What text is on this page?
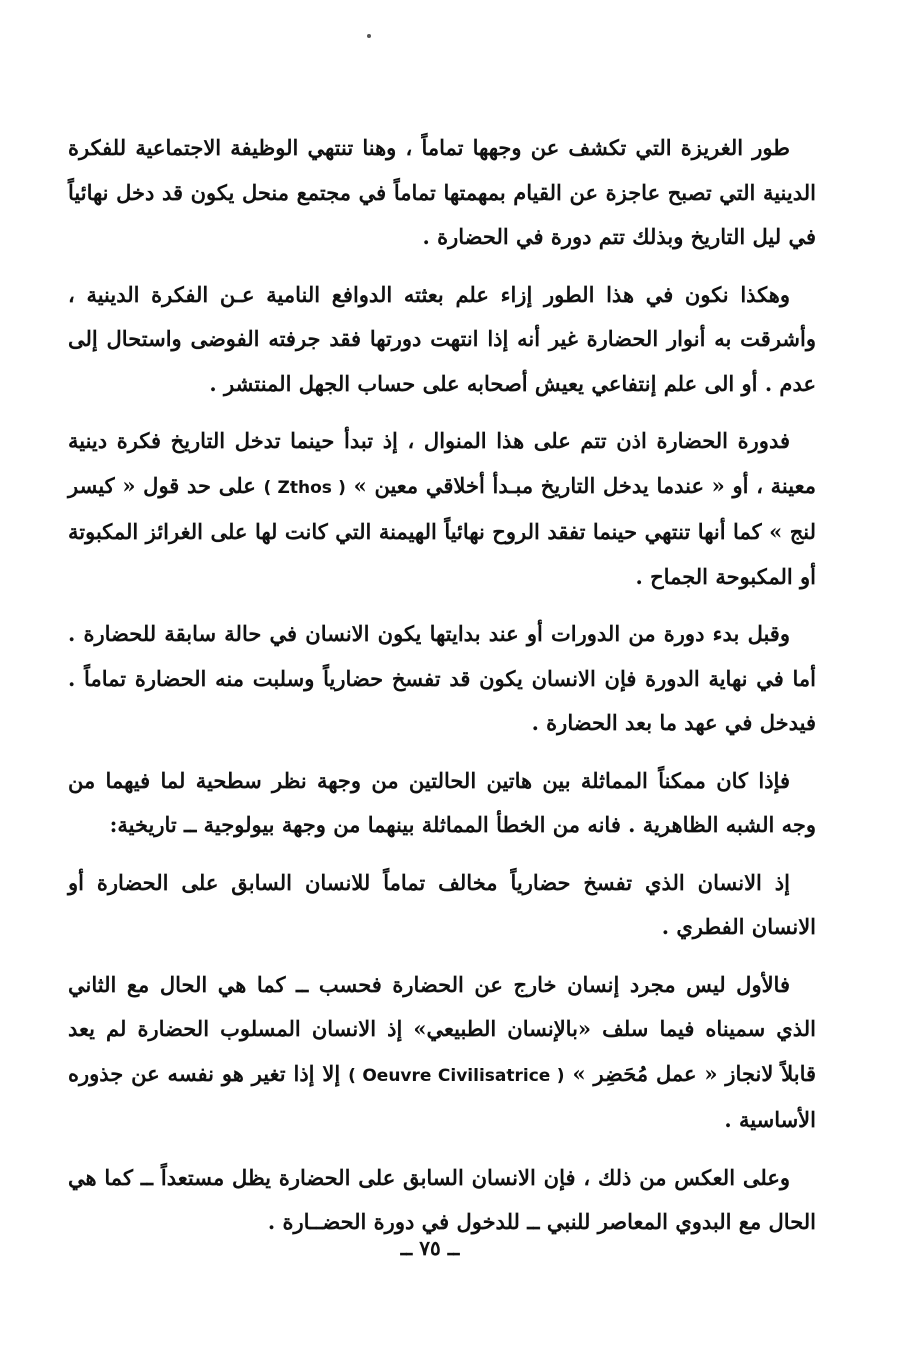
طور الغريزة التي تكشف عن وجهها تماماً ، وهنا تنتهي الوظيفة الاجتماعية للفكرة الدينية التي تصبح عاجزة عن القيام بمهمتها تماماً في مجتمع منحل يكون قد دخل نهائياً في ليل التاريخ وبذلك تتم دورة في الحضارة .

وهكذا نكون في هذا الطور إزاء علم بعثته الدوافع النامية عـن الفكرة الدينية ، وأشرقت به أنوار الحضارة غير أنه إذا انتهت دورتها فقد جرفته الفوضى واستحال إلى عدم . أو الى علم إنتفاعي يعيش أصحابه على حساب الجهل المنتشر .

فدورة الحضارة اذن تتم على هذا المنوال ، إذ تبدأ حينما تدخل التاريخ فكرة دينية معينة ، أو « عندما يدخل التاريخ مبـدأ أخلاقي معين » ( Zthos ) على حد قول « كيسر لنج » كما أنها تنتهي حينما تفقد الروح نهائياً الهيمنة التي كانت لها على الغرائز المكبوتة أو المكبوحة الجماح .

وقبل بدء دورة من الدورات أو عند بدايتها يكون الانسان في حالة سابقة للحضارة . أما في نهاية الدورة فإن الانسان يكون قد تفسخ حضارياً وسلبت منه الحضارة تماماً . فيدخل في عهد ما بعد الحضارة .

فإذا كان ممكناً المماثلة بين هاتين الحالتين من وجهة نظر سطحية لما فيهما من وجه الشبه الظاهرية . فانه من الخطأ المماثلة بينهما من وجهة بيولوجية ــ تاريخية:

إذ الانسان الذي تفسخ حضارياً مخالف تماماً للانسان السابق على الحضارة أو الانسان الفطري .

فالأول ليس مجرد إنسان خارج عن الحضارة فحسب ــ كما هي الحال مع الثاني الذي سميناه فيما سلف «بالإنسان الطبيعي» إذ الانسان المسلوب الحضارة لم يعد قابلاً لانجاز « عمل مُحَضِر » ( Oeuvre Civilisatrice ) إلا إذا تغير هو نفسه عن جذوره الأساسية .

وعلى العكس من ذلك ، فإن الانسان السابق على الحضارة يظل مستعداً ــ كما هي الحال مع البدوي المعاصر للنبي ــ للدخول في دورة الحضــارة .

ــ ٧٥ ــ
